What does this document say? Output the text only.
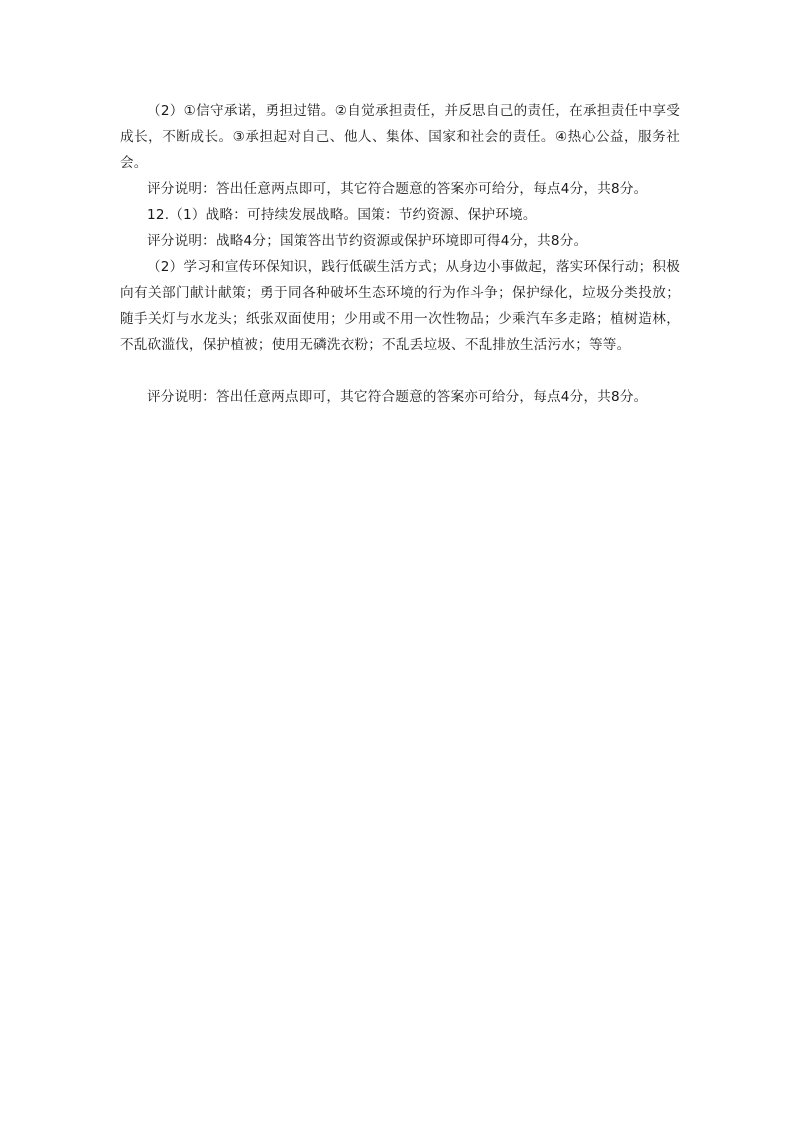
（2）①信守承诺，勇担过错。②自觉承担责任，并反思自己的责任，在承担责任中享受成长，不断成长。③承担起对自己、他人、集体、国家和社会的责任。④热心公益，服务社会。

评分说明：答出任意两点即可，其它符合题意的答案亦可给分，每点4分，共8分。

12.（1）战略：可持续发展战略。国策：节约资源、保护环境。

评分说明：战略4分；国策答出节约资源或保护环境即可得4分，共8分。

（2）学习和宣传环保知识，践行低碳生活方式；从身边小事做起，落实环保行动；积极向有关部门献计献策；勇于同各种破坏生态环境的行为作斗争；保护绿化，垃圾分类投放；随手关灯与水龙头；纸张双面使用；少用或不用一次性物品；少乘汽车多走路；植树造林，不乱砍滥伐，保护植被；使用无磷洗衣粉；不乱丢垃圾、不乱排放生活污水；等等。

评分说明：答出任意两点即可，其它符合题意的答案亦可给分，每点4分，共8分。
